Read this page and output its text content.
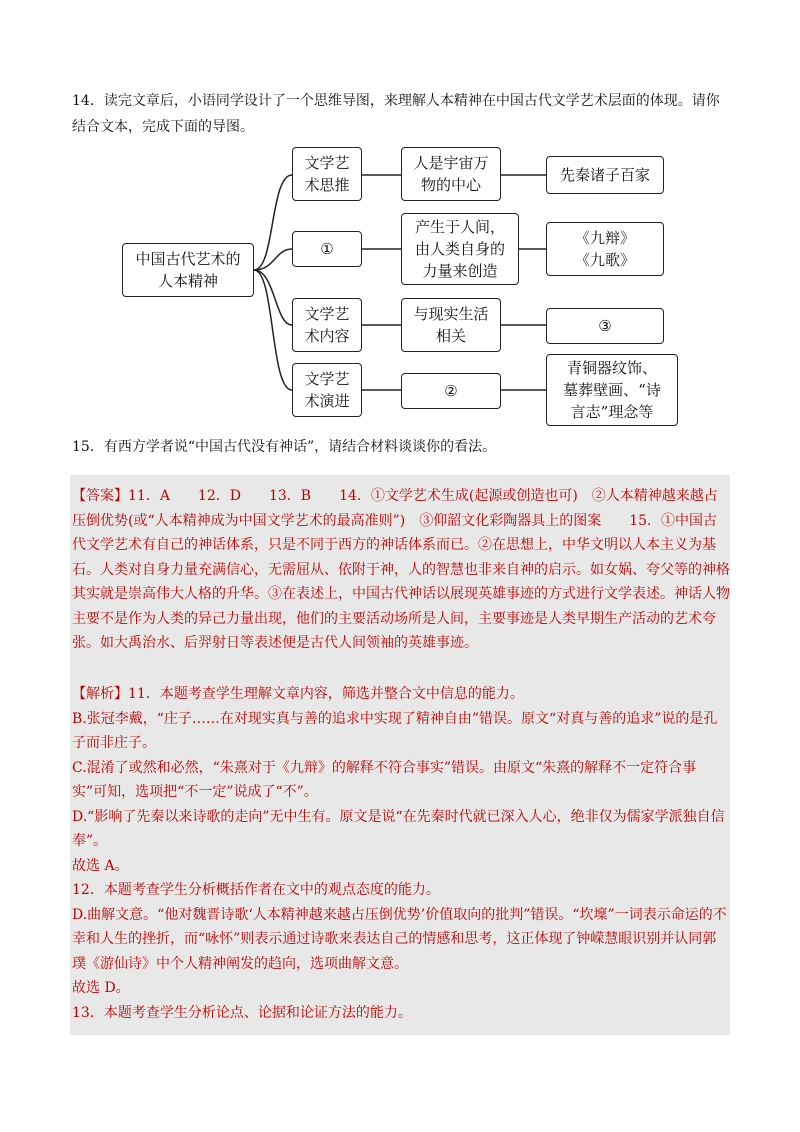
14．读完文章后，小语同学设计了一个思维导图，来理解人本精神在中国古代文学艺术层面的体现。请你结合文本，完成下面的导图。
中国古代艺术的
人本精神
文学艺
术思推
人是宇宙万
物的中心
先秦诸子百家
①
产生于人间，
由人类自身的
力量来创造
《九辩》
《九歌》
文学艺
术内容
与现实生活
相关
③
文学艺
术演进
②
青铜器纹饰、
墓葬壁画、“诗
言志”理念等
15．有西方学者说“中国古代没有神话”，请结合材料谈谈你的看法。

【答案】11．A　　12．D　　13．B　　14．①文学艺术生成(起源或创造也可)　②人本精神越来越占压倒优势(或“人本精神成为中国文学艺术的最高准则”)　③仰韶文化彩陶器具上的图案　　15．①中国古代文学艺术有自己的神话体系，只是不同于西方的神话体系而已。②在思想上，中华文明以人本主义为基石。人类对自身力量充满信心，无需屈从、依附于神，人的智慧也非来自神的启示。如女娲、夸父等的神格其实就是崇高伟大人格的升华。③在表述上，中国古代神话以展现英雄事迹的方式进行文学表述。神话人物主要不是作为人类的异己力量出现，他们的主要活动场所是人间，主要事迹是人类早期生产活动的艺术夸张。如大禹治水、后羿射日等表述便是古代人间领袖的英雄事迹。

【解析】11．本题考查学生理解文章内容，筛选并整合文中信息的能力。

B.张冠李戴，“庄子……在对现实真与善的追求中实现了精神自由”错误。原文“对真与善的追求”说的是孔子而非庄子。

C.混淆了或然和必然，“朱熹对于《九辩》的解释不符合事实”错误。由原文“朱熹的解释不一定符合事实”可知，选项把“不一定”说成了“不”。

D.“影响了先秦以来诗歌的走向”无中生有。原文是说“在先秦时代就已深入人心，绝非仅为儒家学派独自信奉”。

故选 A。

12．本题考查学生分析概括作者在文中的观点态度的能力。

D.曲解文意。“他对魏晋诗歌‘人本精神越来越占压倒优势’价值取向的批判”错误。“坎壈”一词表示命运的不幸和人生的挫折，而“咏怀”则表示通过诗歌来表达自己的情感和思考，这正体现了钟嵘慧眼识别并认同郭璞《游仙诗》中个人精神阐发的趋向，选项曲解文意。

故选 D。

13．本题考查学生分析论点、论据和论证方法的能力。
